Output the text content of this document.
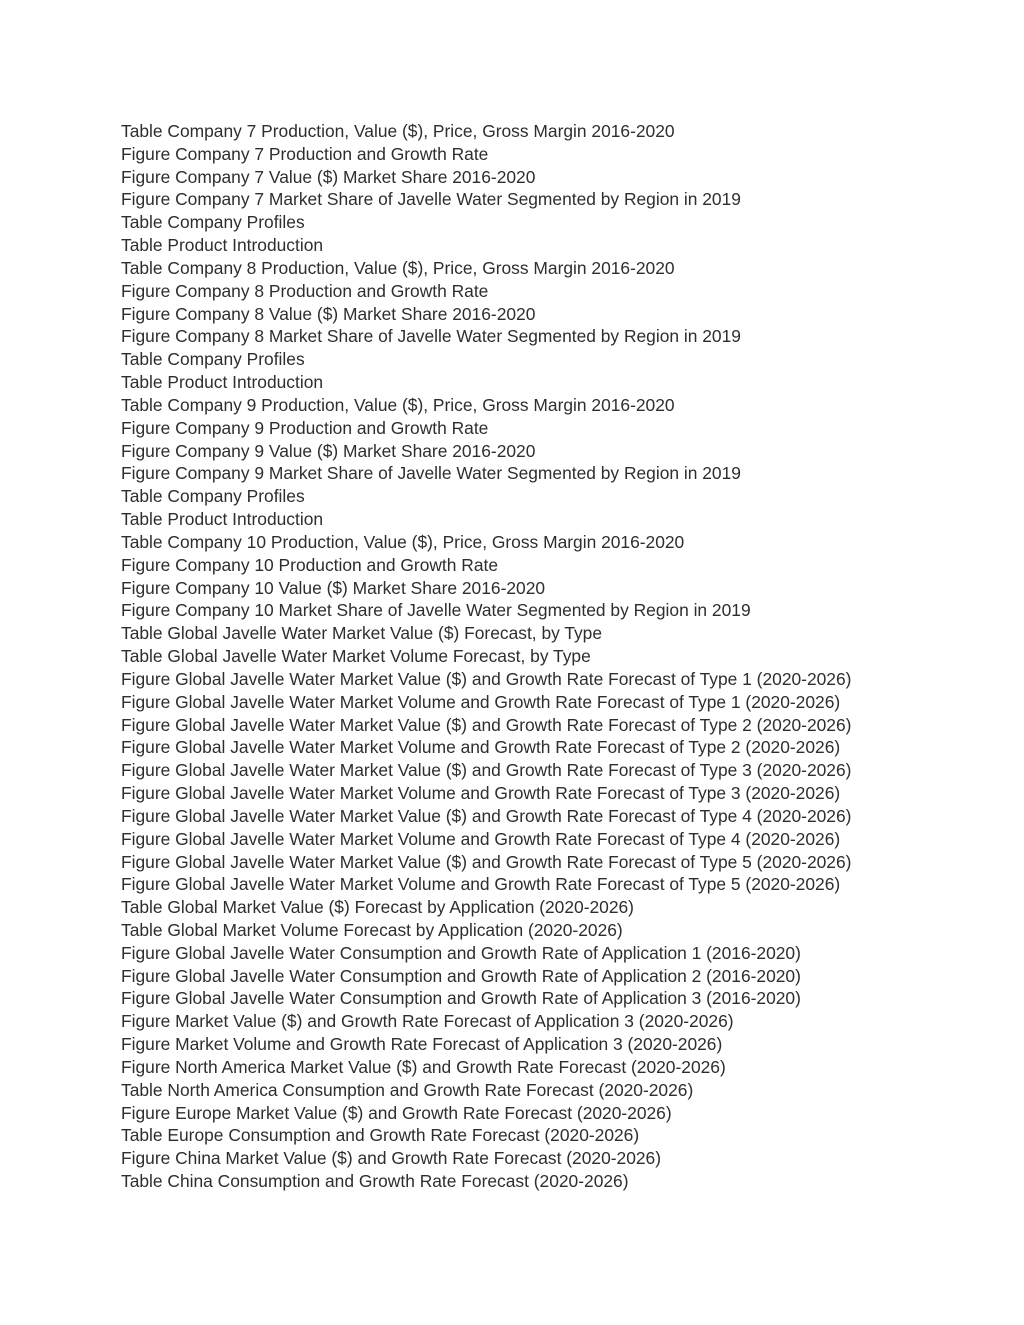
Table Company 7 Production, Value ($), Price, Gross Margin 2016-2020
Figure Company 7 Production and Growth Rate
Figure Company 7 Value ($) Market Share 2016-2020
Figure Company 7 Market Share of Javelle Water Segmented by Region in 2019
Table Company Profiles
Table Product Introduction
Table Company 8 Production, Value ($), Price, Gross Margin 2016-2020
Figure Company 8 Production and Growth Rate
Figure Company 8 Value ($) Market Share 2016-2020
Figure Company 8 Market Share of Javelle Water Segmented by Region in 2019
Table Company Profiles
Table Product Introduction
Table Company 9 Production, Value ($), Price, Gross Margin 2016-2020
Figure Company 9 Production and Growth Rate
Figure Company 9 Value ($) Market Share 2016-2020
Figure Company 9 Market Share of Javelle Water Segmented by Region in 2019
Table Company Profiles
Table Product Introduction
Table Company 10 Production, Value ($), Price, Gross Margin 2016-2020
Figure Company 10 Production and Growth Rate
Figure Company 10 Value ($) Market Share 2016-2020
Figure Company 10 Market Share of Javelle Water Segmented by Region in 2019
Table Global Javelle Water Market Value ($) Forecast, by Type
Table Global Javelle Water Market Volume Forecast, by Type
Figure Global Javelle Water Market Value ($) and Growth Rate Forecast of Type 1 (2020-2026)
Figure Global Javelle Water Market Volume and Growth Rate Forecast of Type 1 (2020-2026)
Figure Global Javelle Water Market Value ($) and Growth Rate Forecast of Type 2 (2020-2026)
Figure Global Javelle Water Market Volume and Growth Rate Forecast of Type 2 (2020-2026)
Figure Global Javelle Water Market Value ($) and Growth Rate Forecast of Type 3 (2020-2026)
Figure Global Javelle Water Market Volume and Growth Rate Forecast of Type 3 (2020-2026)
Figure Global Javelle Water Market Value ($) and Growth Rate Forecast of Type 4 (2020-2026)
Figure Global Javelle Water Market Volume and Growth Rate Forecast of Type 4 (2020-2026)
Figure Global Javelle Water Market Value ($) and Growth Rate Forecast of Type 5 (2020-2026)
Figure Global Javelle Water Market Volume and Growth Rate Forecast of Type 5 (2020-2026)
Table Global Market Value ($) Forecast by Application (2020-2026)
Table Global Market Volume Forecast by Application (2020-2026)
Figure Global Javelle Water Consumption and Growth Rate of Application 1 (2016-2020)
Figure Global Javelle Water Consumption and Growth Rate of Application 2 (2016-2020)
Figure Global Javelle Water Consumption and Growth Rate of Application 3 (2016-2020)
Figure Market Value ($) and Growth Rate Forecast of Application 3 (2020-2026)
Figure Market Volume and Growth Rate Forecast of Application 3 (2020-2026)
Figure North America Market Value ($) and Growth Rate Forecast (2020-2026)
Table North America Consumption and Growth Rate Forecast (2020-2026)
Figure Europe Market Value ($) and Growth Rate Forecast (2020-2026)
Table Europe Consumption and Growth Rate Forecast (2020-2026)
Figure China Market Value ($) and Growth Rate Forecast (2020-2026)
Table China Consumption and Growth Rate Forecast (2020-2026)
